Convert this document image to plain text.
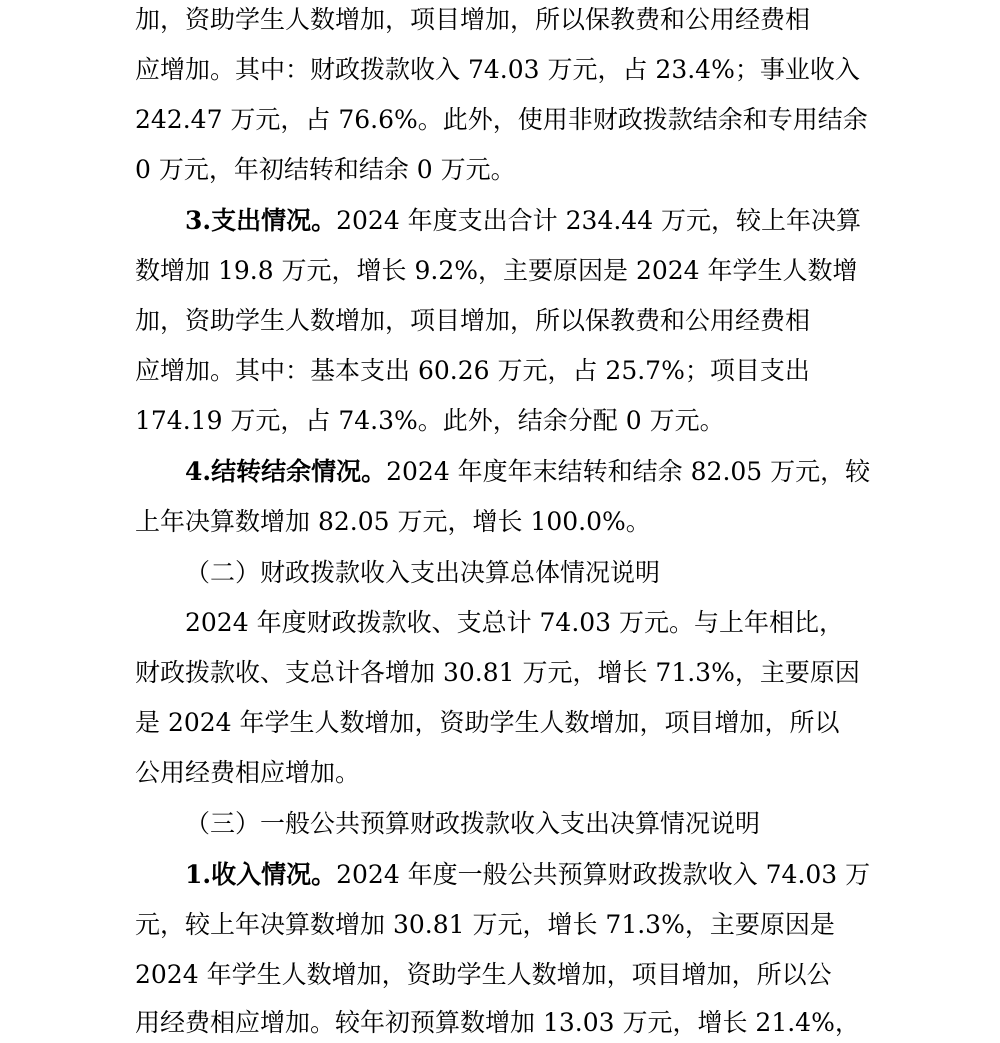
加，资助学生人数增加，项目增加，所以保教费和公用经费相
应增加。其中：财政拨款收入 74.03 万元，占 23.4%；事业收入
242.47 万元，占 76.6%。此外，使用非财政拨款结余和专用结余
0 万元，年初结转和结余 0 万元。
3.支出情况。2024 年度支出合计 234.44 万元，较上年决算
数增加 19.8 万元，增长 9.2%，主要原因是 2024 年学生人数增
加，资助学生人数增加，项目增加，所以保教费和公用经费相
应增加。其中：基本支出 60.26 万元，占 25.7%；项目支出
174.19 万元，占 74.3%。此外，结余分配 0 万元。
4.结转结余情况。2024 年度年末结转和结余 82.05 万元，较
上年决算数增加 82.05 万元，增长 100.0%。
（二）财政拨款收入支出决算总体情况说明
2024 年度财政拨款收、支总计 74.03 万元。与上年相比，
财政拨款收、支总计各增加 30.81 万元，增长 71.3%，主要原因
是 2024 年学生人数增加，资助学生人数增加，项目增加，所以
公用经费相应增加。
（三）一般公共预算财政拨款收入支出决算情况说明
1.收入情况。2024 年度一般公共预算财政拨款收入 74.03 万
元，较上年决算数增加 30.81 万元，增长 71.3%，主要原因是
2024 年学生人数增加，资助学生人数增加，项目增加，所以公
用经费相应增加。较年初预算数增加 13.03 万元，增长 21.4%，
